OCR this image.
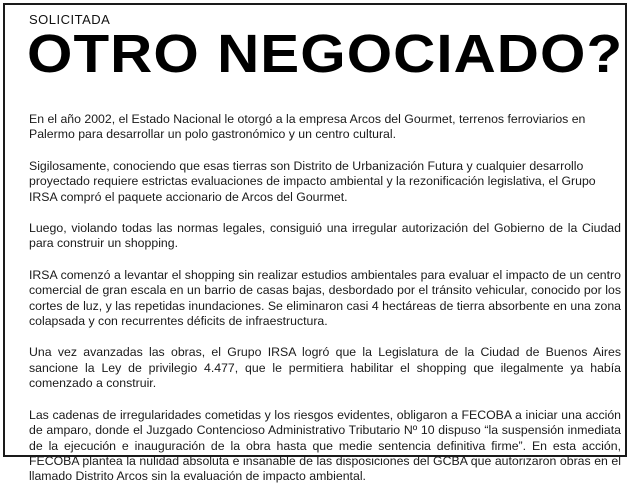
SOLICITADA
OTRO NEGOCIADO?

En el año 2002, el Estado Nacional le otorgó a la empresa Arcos del Gourmet, terrenos ferroviarios en Palermo para desarrollar un polo gastronómico y un centro cultural.

Sigilosamente, conociendo que esas tierras son Distrito de Urbanización Futura y cualquier desarrollo proyectado requiere estrictas evaluaciones de impacto ambiental y la rezonificación legislativa, el Grupo IRSA compró el paquete accionario de Arcos del Gourmet.

Luego, violando todas las normas legales, consiguió una irregular autorización del Gobierno de la Ciudad para construir un shopping.

IRSA comenzó a levantar el shopping sin realizar estudios ambientales para evaluar el impacto de un centro comercial de gran escala en un barrio de casas bajas, desbordado por el tránsito vehicular, conocido por los cortes de luz, y las repetidas inundaciones. Se eliminaron casi 4 hectáreas de tierra absorbente en una zona colapsada y con recurrentes déficits de infraestructura.

Una vez avanzadas las obras, el Grupo IRSA logró que la Legislatura de la Ciudad de Buenos Aires sancione la Ley de privilegio 4.477, que le permitiera habilitar el shopping que ilegalmente ya había comenzado a construir.

Las cadenas de irregularidades cometidas y los riesgos evidentes, obligaron a FECOBA a iniciar una acción de amparo, donde el Juzgado Contencioso Administrativo Tributario Nº 10 dispuso “la suspensión inmediata de la ejecución e inauguración de la obra hasta que medie sentencia definitiva firme”. En esta acción, FECOBA plantea la nulidad absoluta e insanable de las disposiciones del GCBA que autorizaron obras en el llamado Distrito Arcos sin la evaluación de impacto ambiental.
